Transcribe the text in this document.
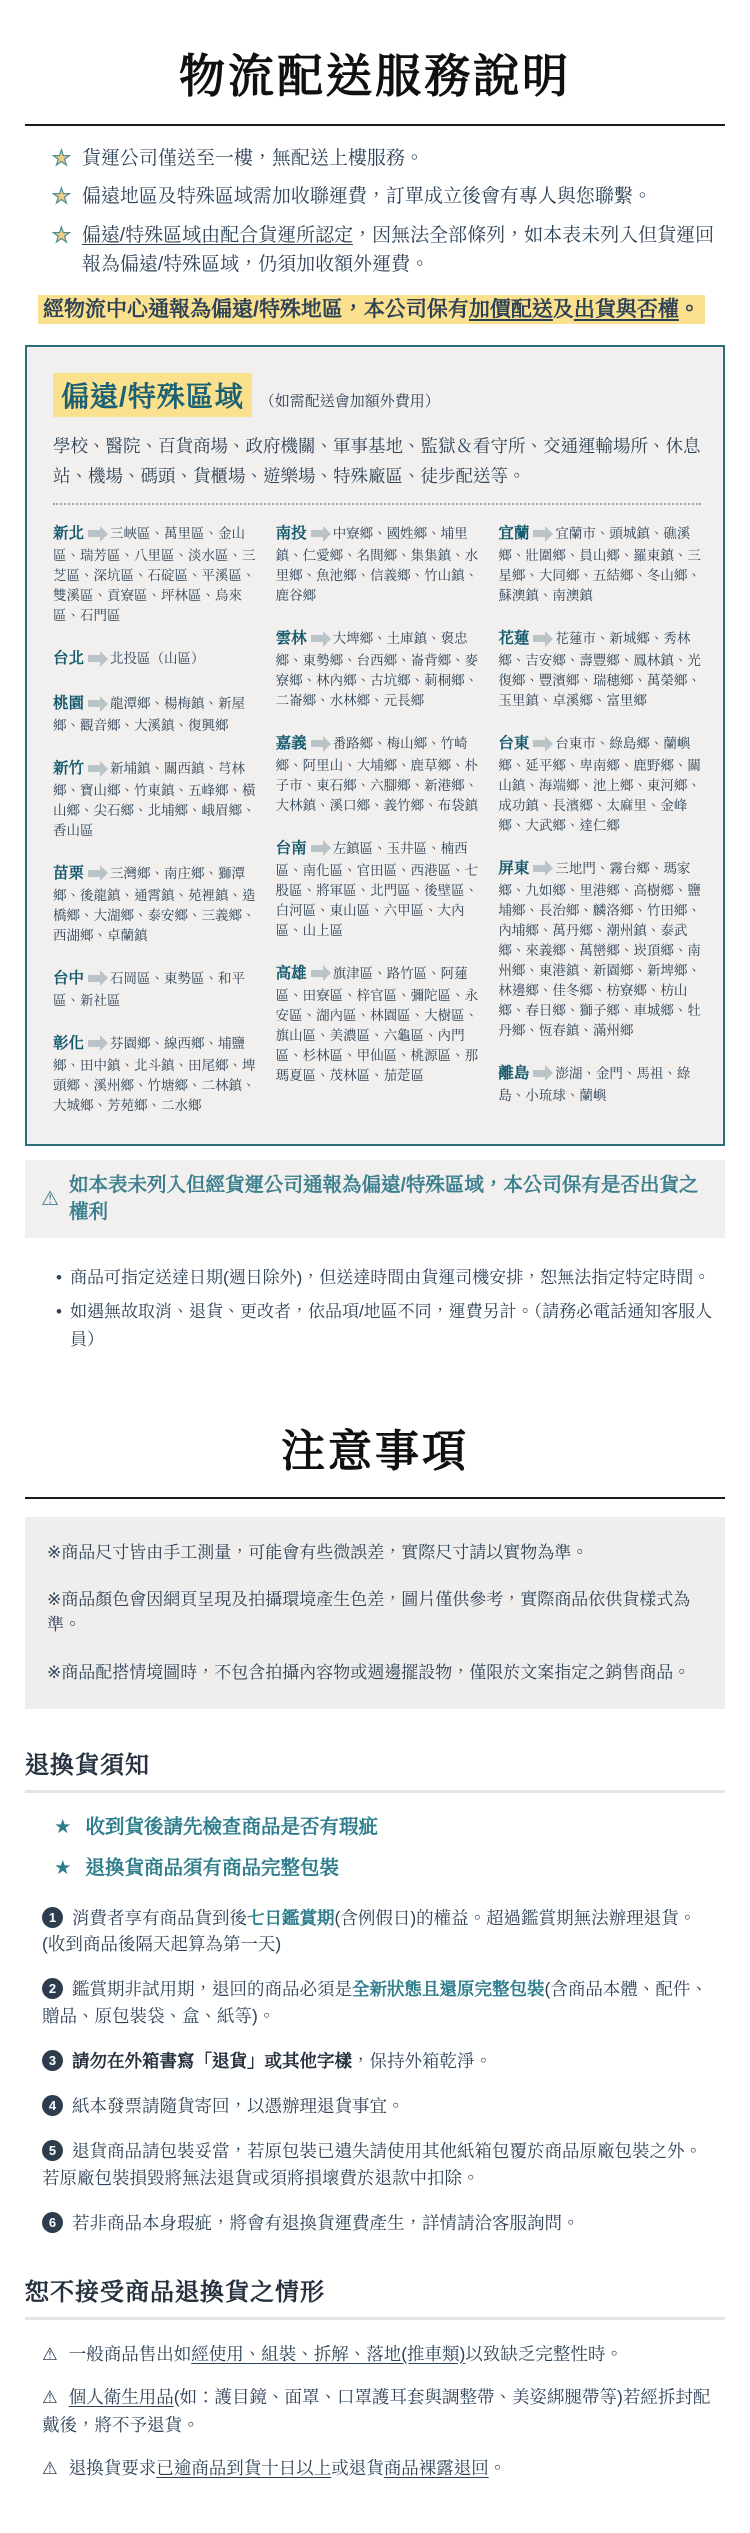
物流配送服務說明
★ 貨運公司僅送至一樓，無配送上樓服務。
★ 偏遠地區及特殊區域需加收聯運費，訂單成立後會有專人與您聯繫。
★ 偏遠/特殊區域由配合貨運所認定，因無法全部條列，如本表未列入但貨運回報為偏遠/特殊區域，仍須加收額外運費。
經物流中心通報為偏遠/特殊地區，本公司保有加價配送及出貨與否權。
偏遠/特殊區域	（如需配送會加額外費用）
學校、醫院、百貨商場、政府機關、軍事基地、監獄＆看守所、交通運輸場所、休息站、機場、碼頭、貨櫃場、遊樂場、特殊廠區、徒步配送等。
新北 三峽區、萬里區、金山區、瑞芳區、八里區、淡水區、三芝區、深坑區、石碇區、平溪區、雙溪區、貢寮區、坪林區、烏來區、石門區
台北 北投區（山區）
桃園 龍潭鄉、楊梅鎮、新屋鄉、觀音鄉、大溪鎮、復興鄉
新竹 新埔鎮、關西鎮、芎林鄉、寶山鄉、竹東鎮、五峰鄉、橫山鄉、尖石鄉、北埔鄉、峨眉鄉、香山區
苗栗 三灣鄉、南庄鄉、獅潭鄉、後龍鎮、通霄鎮、苑裡鎮、造橋鄉、大湖鄉、泰安鄉、三義鄉、西湖鄉、卓蘭鎮
台中 石岡區、東勢區、和平區、新社區
彰化 芬園鄉、線西鄉、埔鹽鄉、田中鎮、北斗鎮、田尾鄉、埤頭鄉、溪州鄉、竹塘鄉、二林鎮、大城鄉、芳苑鄉、二水鄉
南投 中寮鄉、國姓鄉、埔里鎮、仁愛鄉、名間鄉、集集鎮、水里鄉、魚池鄉、信義鄉、竹山鎮、鹿谷鄉
雲林 大埤鄉、土庫鎮、褒忠鄉、東勢鄉、台西鄉、崙背鄉、麥寮鄉、林內鄉、古坑鄉、莿桐鄉、二崙鄉、水林鄉、元長鄉
嘉義 番路鄉、梅山鄉、竹崎鄉、阿里山、大埔鄉、鹿草鄉、朴子市、東石鄉、六腳鄉、新港鄉、大林鎮、溪口鄉、義竹鄉、布袋鎮
台南 左鎮區、玉井區、楠西區、南化區、官田區、西港區、七股區、將軍區、北門區、後壁區、白河區、東山區、六甲區、大內區、山上區
高雄 旗津區、路竹區、阿蓮區、田寮區、梓官區、彌陀區、永安區、湖內區、林園區、大樹區、旗山區、美濃區、六龜區、內門區、杉林區、甲仙區、桃源區、那瑪夏區、茂林區、茄萣區
宜蘭 宜蘭市、頭城鎮、礁溪鄉、壯圍鄉、員山鄉、羅東鎮、三星鄉、大同鄉、五結鄉、冬山鄉、蘇澳鎮、南澳鎮
花蓮 花蓮市、新城鄉、秀林鄉、吉安鄉、壽豐鄉、鳳林鎮、光復鄉、豐濱鄉、瑞穗鄉、萬榮鄉、玉里鎮、卓溪鄉、富里鄉
台東 台東市、綠島鄉、蘭嶼鄉、延平鄉、卑南鄉、鹿野鄉、關山鎮、海端鄉、池上鄉、東河鄉、成功鎮、長濱鄉、太麻里、金峰鄉、大武鄉、達仁鄉
屏東 三地門、霧台鄉、瑪家鄉、九如鄉、里港鄉、高樹鄉、鹽埔鄉、長治鄉、麟洛鄉、竹田鄉、內埔鄉、萬丹鄉、潮州鎮、泰武鄉、來義鄉、萬巒鄉、崁頂鄉、南州鄉、東港鎮、新園鄉、新埤鄉、林邊鄉、佳冬鄉、枋寮鄉、枋山鄉、春日鄉、獅子鄉、車城鄉、牡丹鄉、恆春鎮、滿州鄉
離島 澎湖、金門、馬祖、綠島、小琉球、蘭嶼
⚠
如本表未列入但經貨運公司通報為偏遠/特殊區域，本公司保有是否出貨之權利
• 商品可指定送達日期(週日除外)，但送達時間由貨運司機安排，恕無法指定特定時間。
• 如遇無故取消、退貨、更改者，依品項/地區不同，運費另計。（請務必電話通知客服人員）
注意事項
※商品尺寸皆由手工測量，可能會有些微誤差，實際尺寸請以實物為準。
※商品顏色會因網頁呈現及拍攝環境產生色差，圖片僅供參考，實際商品依供貨樣式為準。
※商品配搭情境圖時，不包含拍攝內容物或週邊擺設物，僅限於文案指定之銷售商品。
退換貨須知
★ 收到貨後請先檢查商品是否有瑕疵
★ 退換貨商品須有商品完整包裝
1 消費者享有商品貨到後七日鑑賞期(含例假日)的權益。超過鑑賞期無法辦理退貨。(收到商品後隔天起算為第一天)
2 鑑賞期非試用期，退回的商品必須是全新狀態且還原完整包裝(含商品本體、配件、贈品、原包裝袋、盒、紙等)。
3 請勿在外箱書寫「退貨」或其他字樣，保持外箱乾淨。
4 紙本發票請隨貨寄回，以憑辦理退貨事宜。
5 退貨商品請包裝妥當，若原包裝已遺失請使用其他紙箱包覆於商品原廠包裝之外。若原廠包裝損毀將無法退貨或須將損壞費於退款中扣除。
6 若非商品本身瑕疵，將會有退換貨運費產生，詳情請洽客服詢問。
恕不接受商品退換貨之情形
⚠ 一般商品售出如經使用、組裝、拆解、落地(推車類)以致缺乏完整性時。
⚠ 個人衛生用品(如：護目鏡、面罩、口罩護耳套與調整帶、美姿綁腿帶等)若經拆封配戴後，將不予退貨。
⚠ 退換貨要求已逾商品到貨十日以上或退貨商品裸露退回。
